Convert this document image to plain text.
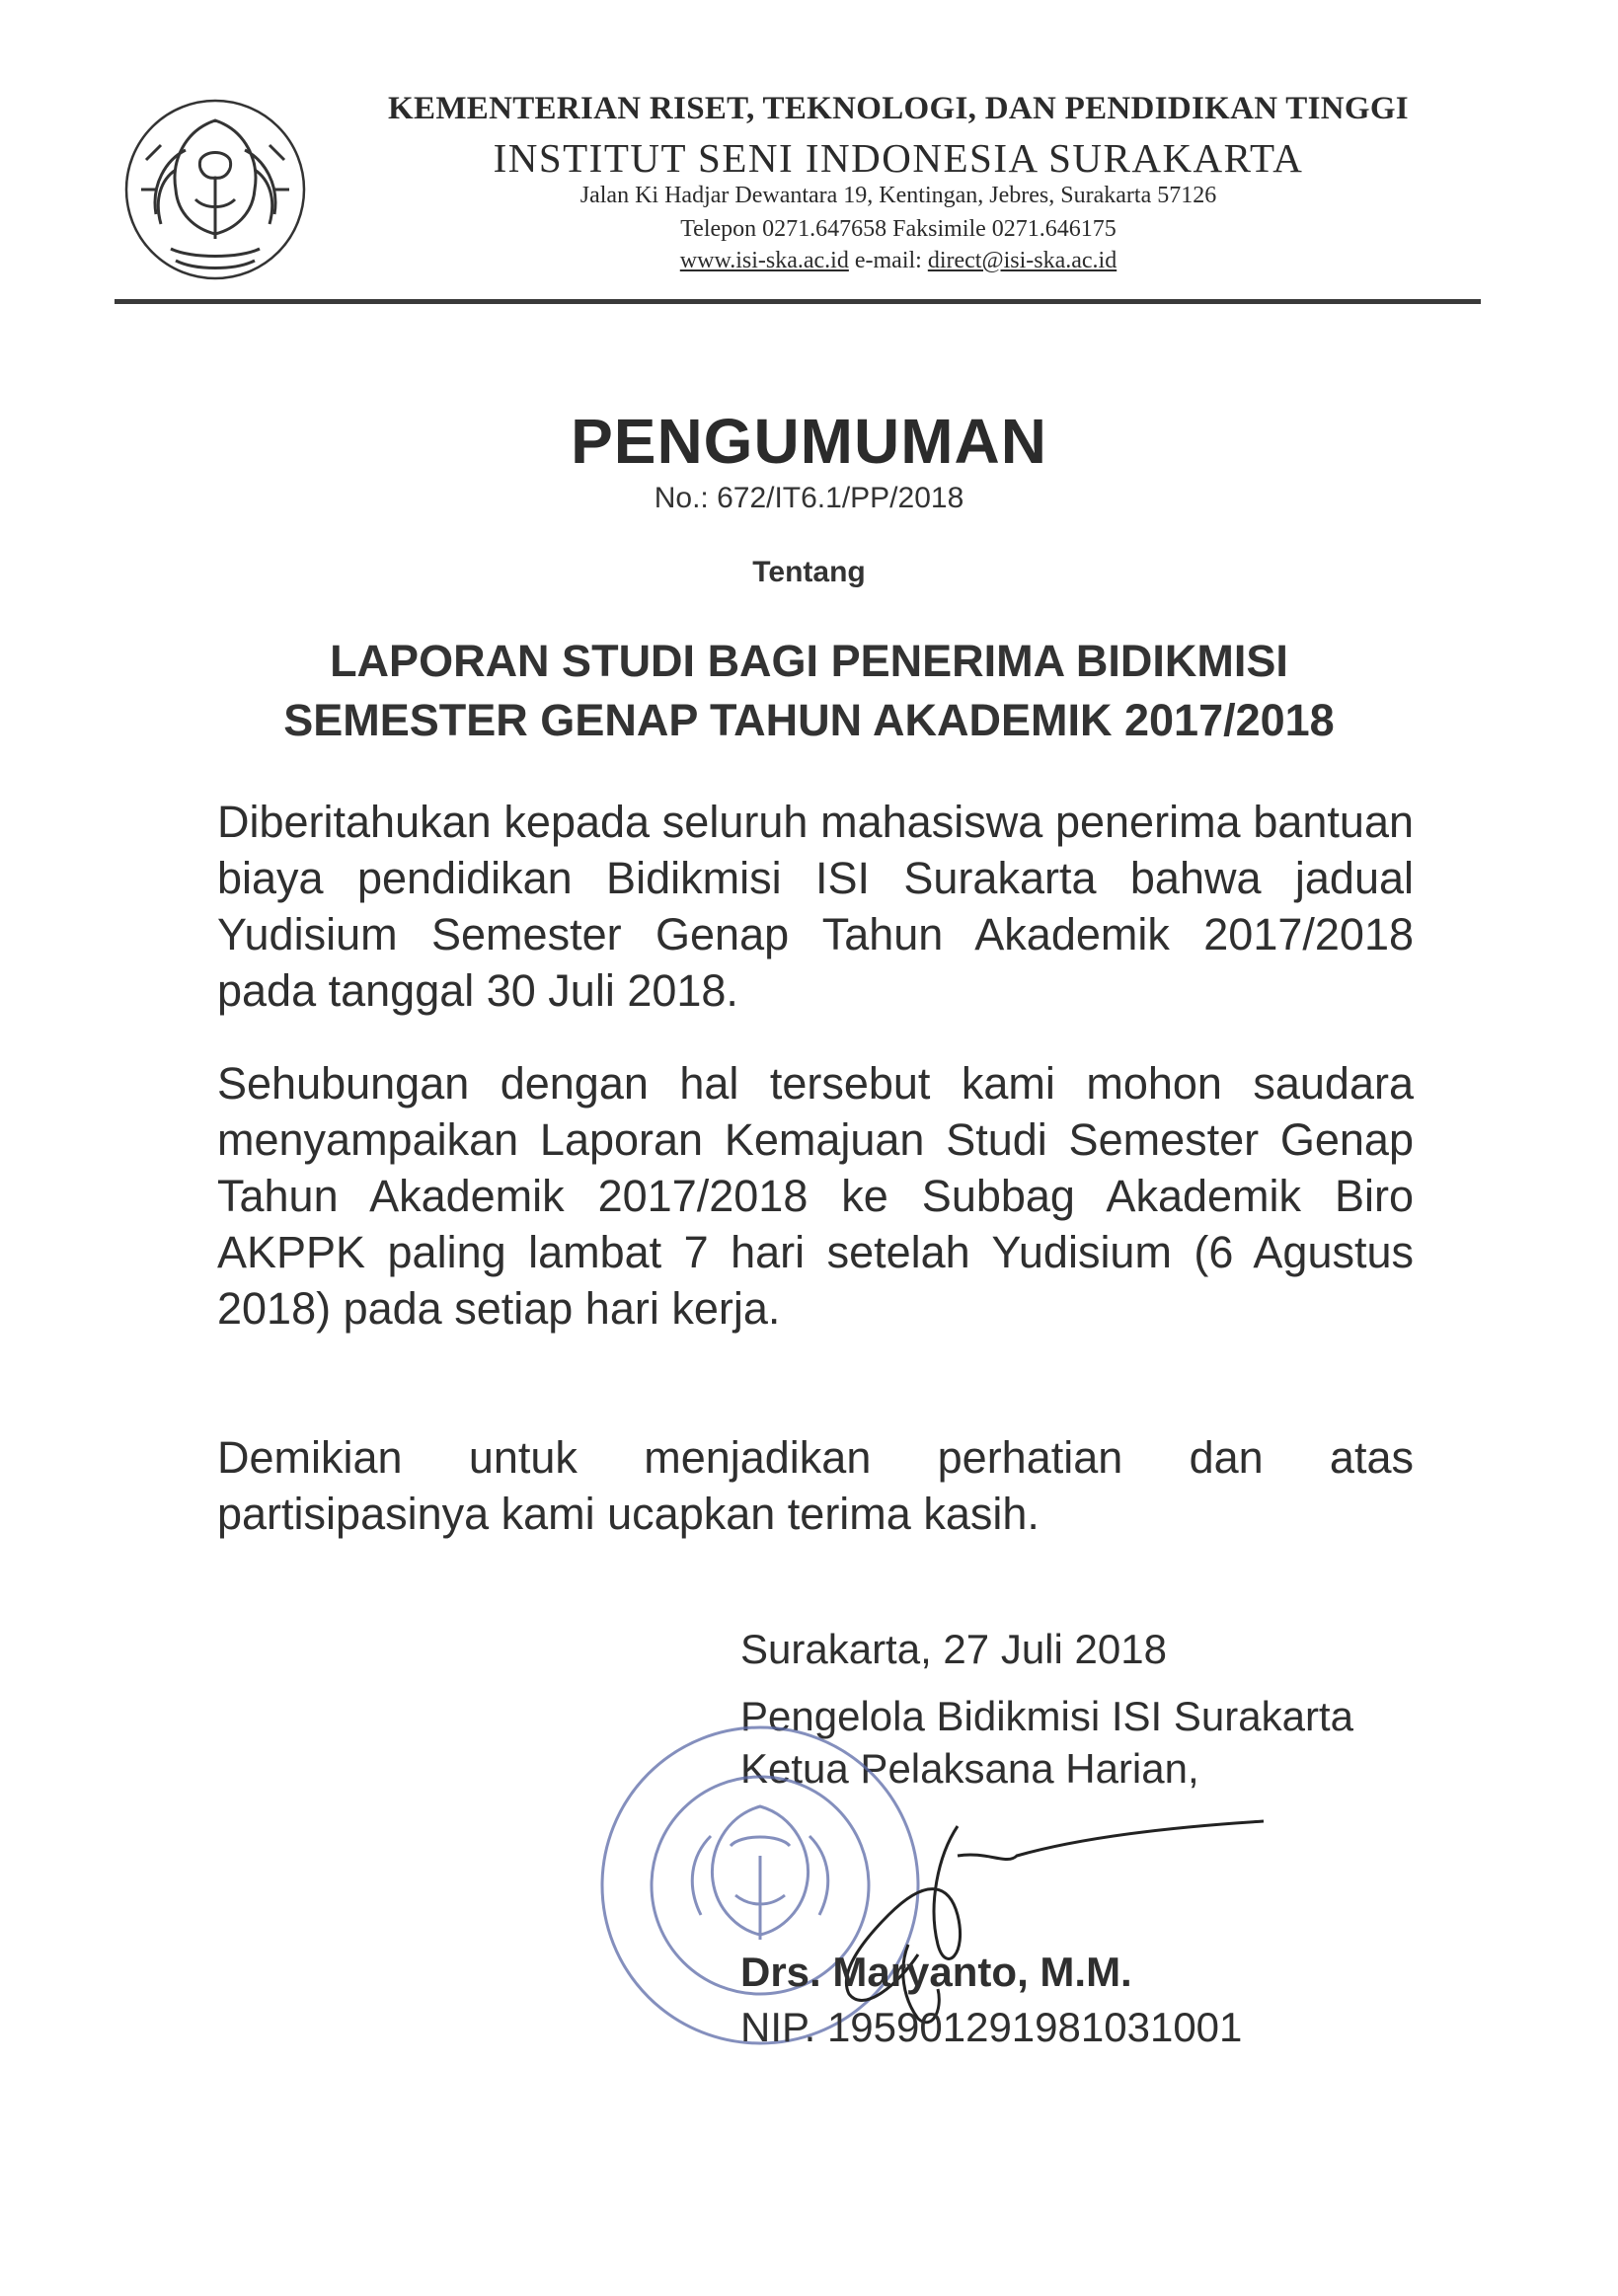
KEMENTERIAN RISET, TEKNOLOGI, DAN PENDIDIKAN TINGGI
INSTITUT SENI INDONESIA SURAKARTA
Jalan Ki Hadjar Dewantara 19, Kentingan, Jebres, Surakarta 57126
Telepon 0271.647658 Faksimile 0271.646175
www.isi-ska.ac.id e-mail: direct@isi-ska.ac.id
PENGUMUMAN
No.: 672/IT6.1/PP/2018
Tentang
LAPORAN STUDI BAGI PENERIMA BIDIKMISI
SEMESTER GENAP TAHUN AKADEMIK 2017/2018
Diberitahukan kepada seluruh mahasiswa penerima bantuan biaya pendidikan Bidikmisi ISI Surakarta bahwa jadual Yudisium Semester Genap Tahun Akademik 2017/2018 pada tanggal 30 Juli 2018.
Sehubungan dengan hal tersebut kami mohon saudara menyampaikan Laporan Kemajuan Studi Semester Genap Tahun Akademik 2017/2018 ke Subbag Akademik Biro AKPPK paling lambat 7 hari setelah Yudisium (6 Agustus 2018) pada setiap hari kerja.
Demikian untuk menjadikan perhatian dan atas partisipasinya kami ucapkan terima kasih.
Surakarta, 27 Juli 2018
Pengelola Bidikmisi ISI Surakarta
Ketua Pelaksana Harian,
Drs. Maryanto, M.M.
NIP. 195901291981031001
